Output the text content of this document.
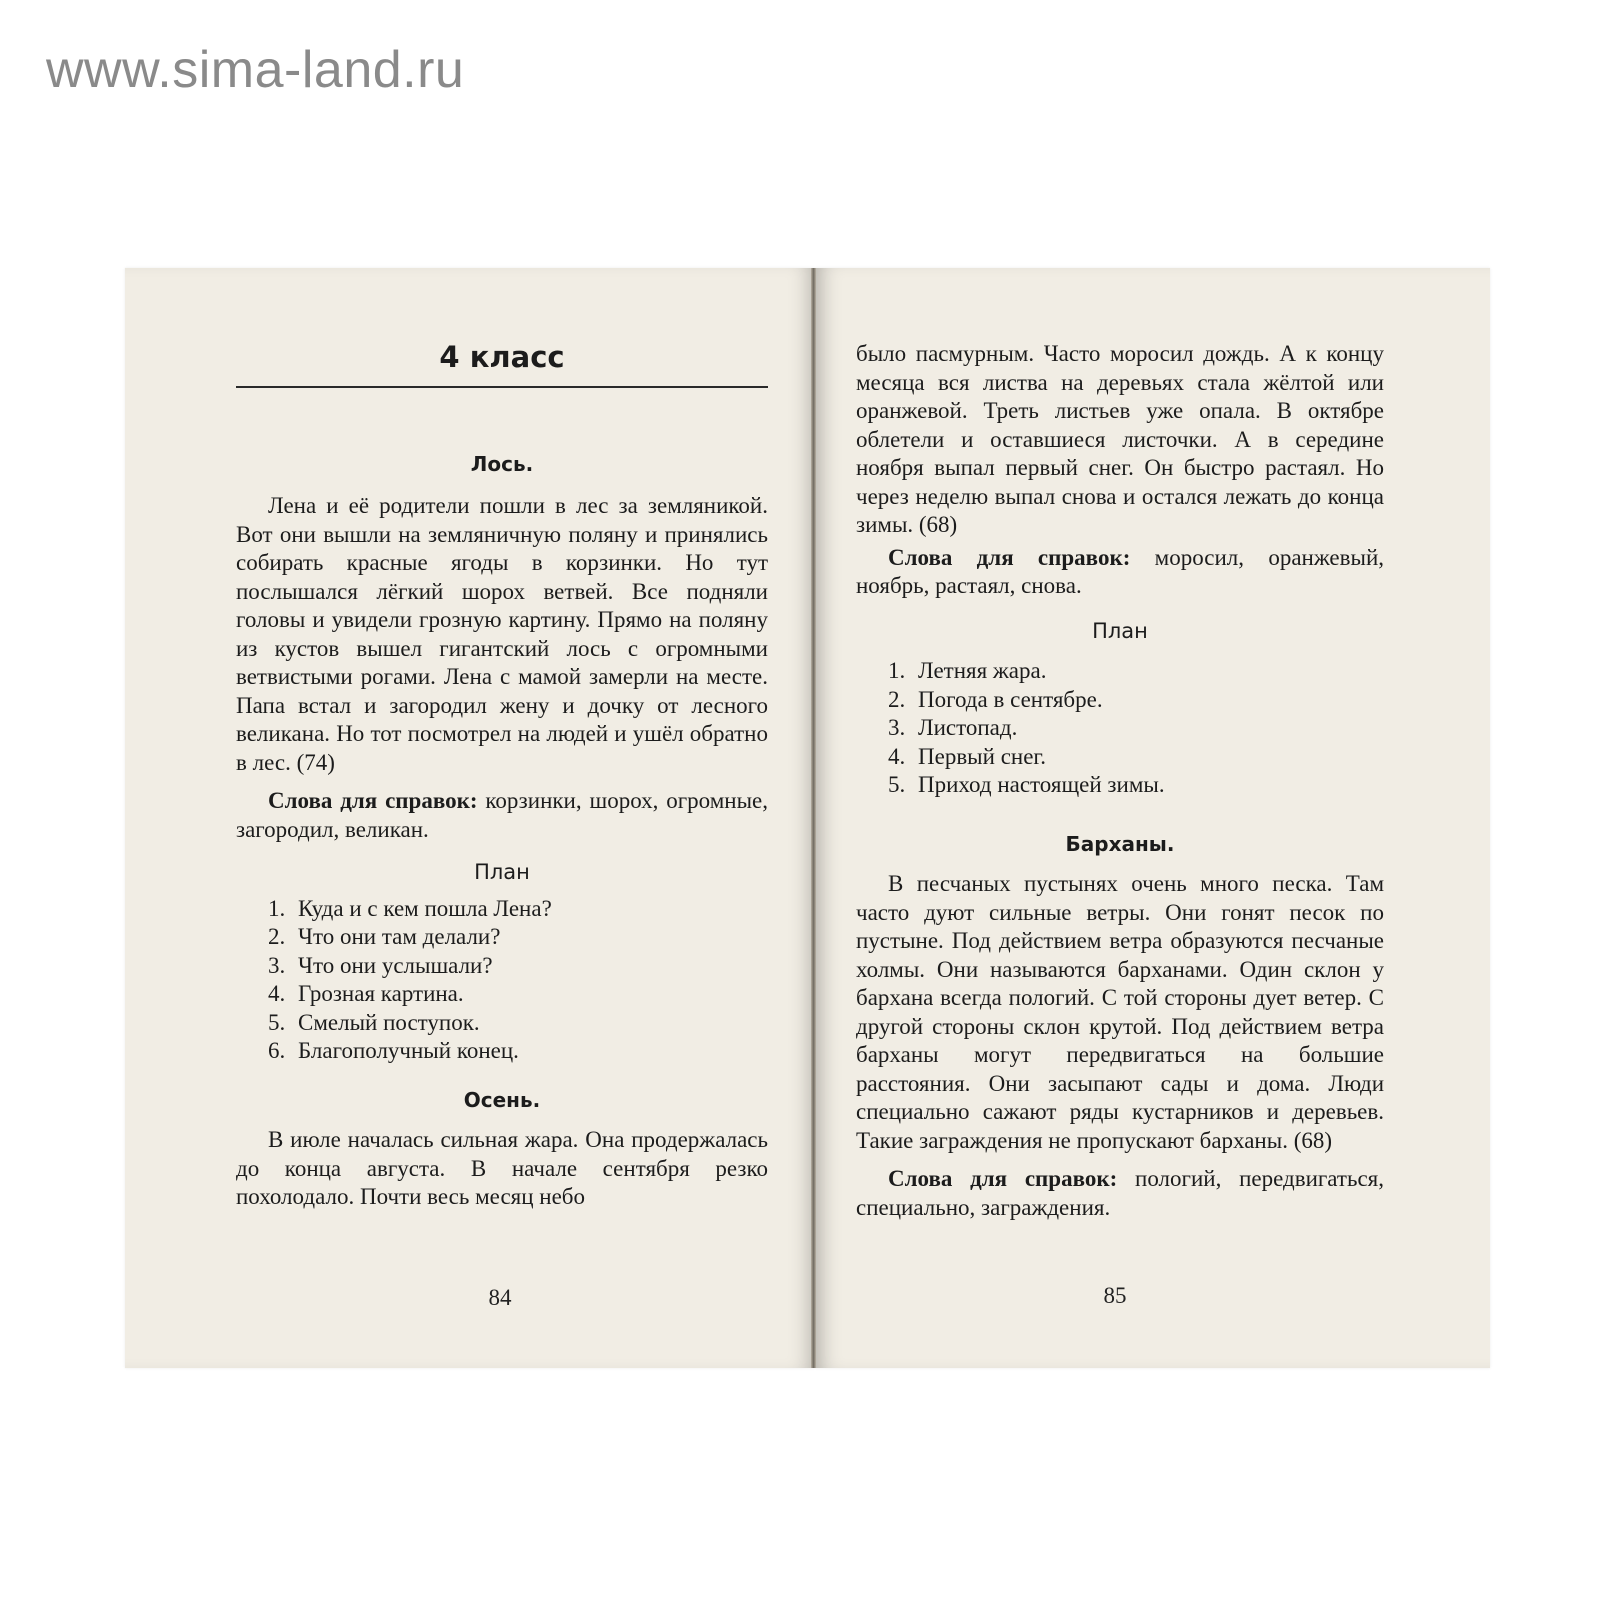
www.sima-land.ru
4 класс
Лось.

Лена и её родители пошли в лес за земляникой. Вот они вышли на земляничную поляну и принялись собирать красные ягоды в корзинки. Но тут послышался лёгкий шорох ветвей. Все подняли головы и увидели грозную картину. Прямо на поляну из кустов вышел гигантский лось с огромными ветвистыми рогами. Лена с мамой замерли на месте. Папа встал и загородил жену и дочку от лесного великана. Но тот посмотрел на людей и ушёл обратно в лес. (74)

Слова для справок: корзинки, шорох, огромные, загородил, великан.

План
1. Куда и с кем пошла Лена?
2. Что они там делали?
3. Что они услышали?
4. Грозная картина.
5. Смелый поступок.
6. Благополучный конец.
Осень.

В июле началась сильная жара. Она продержалась до конца августа. В начале сентября резко похолодало. Почти весь месяц небо

84

было пасмурным. Часто моросил дождь. А к концу месяца вся листва на деревьях стала жёлтой или оранжевой. Треть листьев уже опала. В октябре облетели и оставшиеся листочки. А в середине ноября выпал первый снег. Он быстро растаял. Но через неделю выпал снова и остался лежать до конца зимы. (68)

Слова для справок: моросил, оранжевый, ноябрь, растаял, снова.

План
1. Летняя жара.
2. Погода в сентябре.
3. Листопад.
4. Первый снег.
5. Приход настоящей зимы.
Барханы.

В песчаных пустынях очень много песка. Там часто дуют сильные ветры. Они гонят песок по пустыне. Под действием ветра образуются песчаные холмы. Они называются барханами. Один склон у бархана всегда пологий. С той стороны дует ветер. С другой стороны склон крутой. Под действием ветра барханы могут передвигаться на большие расстояния. Они засыпают сады и дома. Люди специально сажают ряды кустарников и деревьев. Такие заграждения не пропускают барханы. (68)

Слова для справок: пологий, передвигаться, специально, заграждения.

85
